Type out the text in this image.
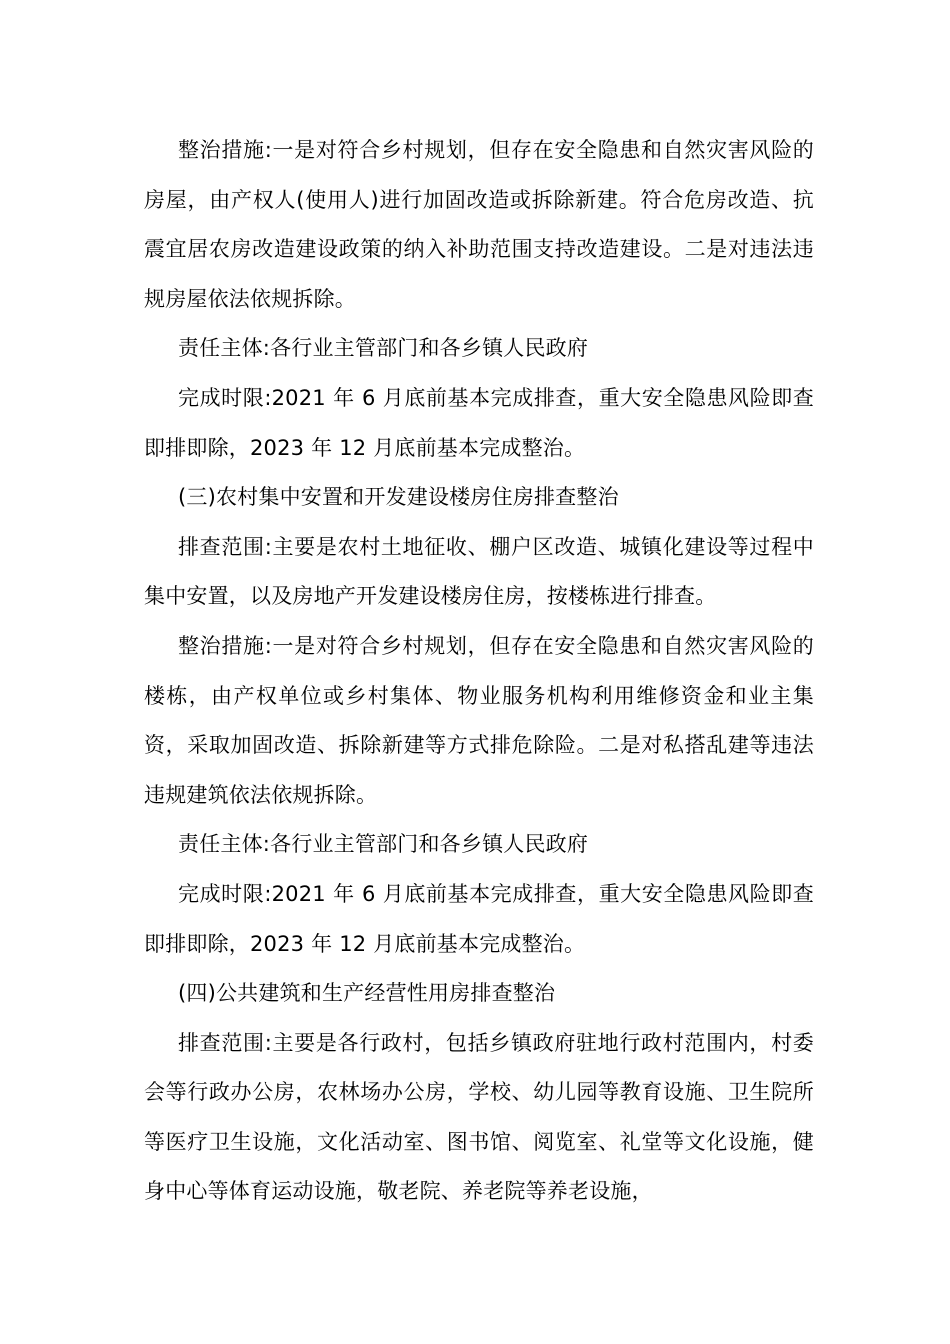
整治措施:一是对符合乡村规划，但存在安全隐患和自然灾害风险的房屋，由产权人(使用人)进行加固改造或拆除新建。符合危房改造、抗震宜居农房改造建设政策的纳入补助范围支持改造建设。二是对违法违规房屋依法依规拆除。

责任主体:各行业主管部门和各乡镇人民政府

完成时限:2021 年 6 月底前基本完成排查，重大安全隐患风险即查即排即除，2023 年 12 月底前基本完成整治。

(三)农村集中安置和开发建设楼房住房排查整治

排查范围:主要是农村土地征收、棚户区改造、城镇化建设等过程中集中安置，以及房地产开发建设楼房住房，按楼栋进行排查。

整治措施:一是对符合乡村规划，但存在安全隐患和自然灾害风险的楼栋，由产权单位或乡村集体、物业服务机构利用维修资金和业主集资，采取加固改造、拆除新建等方式排危除险。二是对私搭乱建等违法违规建筑依法依规拆除。

责任主体:各行业主管部门和各乡镇人民政府

完成时限:2021 年 6 月底前基本完成排查，重大安全隐患风险即查即排即除，2023 年 12 月底前基本完成整治。

(四)公共建筑和生产经营性用房排查整治

排查范围:主要是各行政村，包括乡镇政府驻地行政村范围内，村委会等行政办公房，农林场办公房，学校、幼儿园等教育设施、卫生院所等医疗卫生设施，文化活动室、图书馆、阅览室、礼堂等文化设施，健身中心等体育运动设施，敬老院、养老院等养老设施，
